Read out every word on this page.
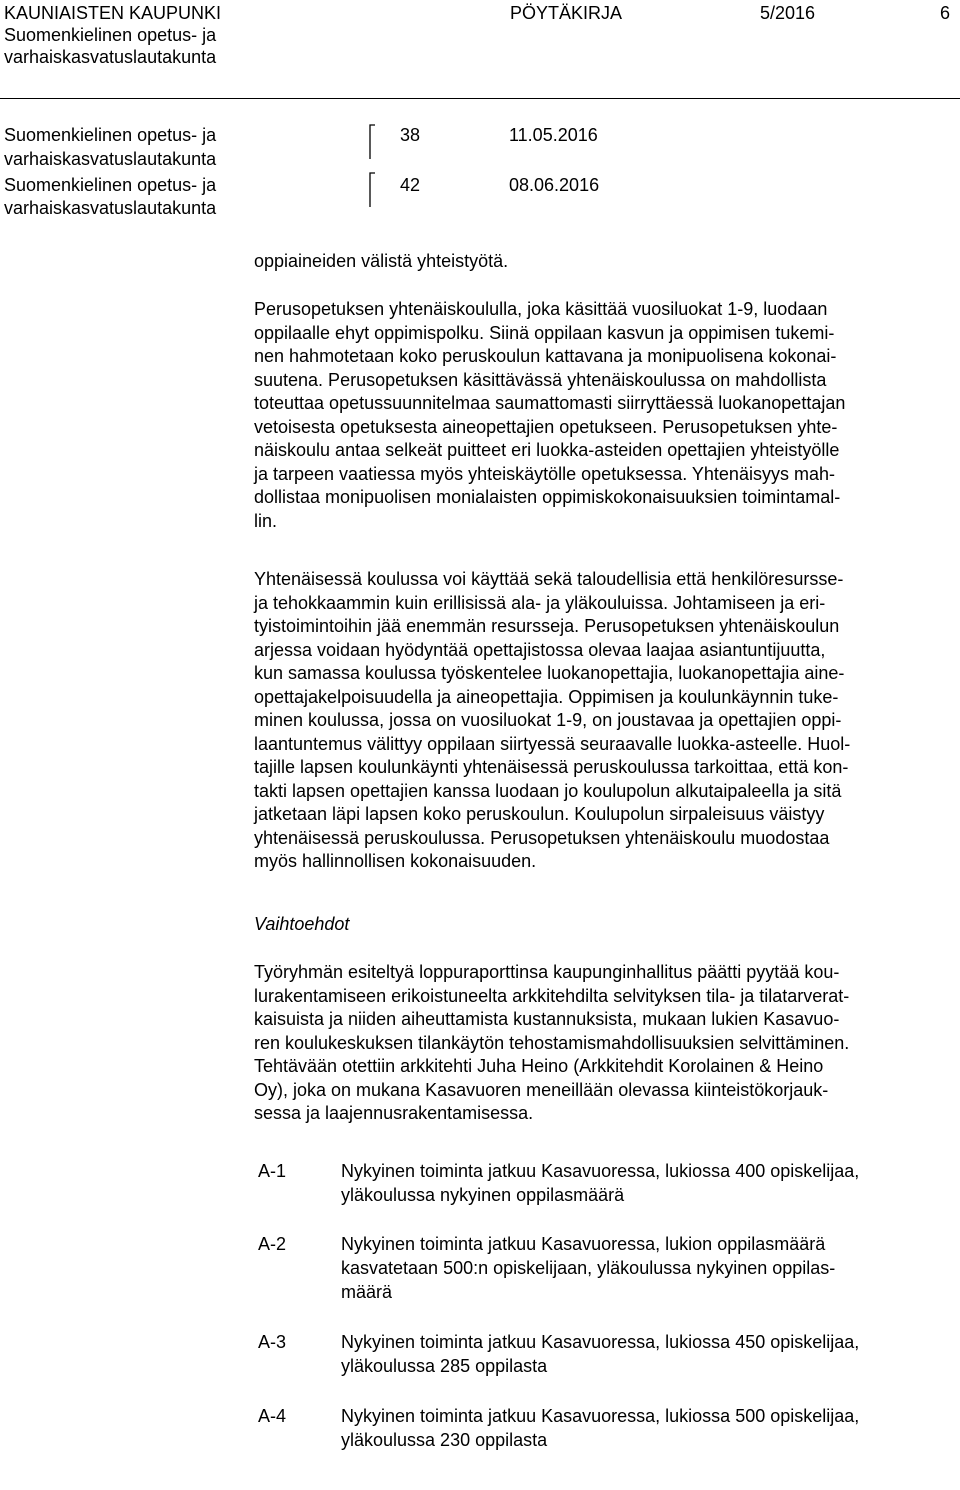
KAUNIAISTEN KAUPUNKI
Suomenkielinen opetus- ja
varhaiskasvatuslautakunta
PÖYTÄKIRJA	5/2016	6
Suomenkielinen opetus- ja
varhaiskasvatuslautakunta
38	11.05.2016
Suomenkielinen opetus- ja
varhaiskasvatuslautakunta
42	08.06.2016
oppiaineiden välistä yhteistyötä.
Perusopetuksen yhtenäiskoululla, joka käsittää vuosiluokat 1-9, luodaan
oppilaalle ehyt oppimispolku. Siinä oppilaan kasvun ja oppimisen tukemi-
nen hahmotetaan koko peruskoulun kattavana ja monipuolisena kokonai-
suutena. Perusopetuksen käsittävässä yhtenäiskoulussa on mahdollista
toteuttaa opetussuunnitelmaa saumattomasti siirryttäessä luokanopettajan
vetoisesta opetuksesta aineopettajien opetukseen. Perusopetuksen yhte-
näiskoulu antaa selkeät puitteet eri luokka-asteiden opettajien yhteistyölle
ja tarpeen vaatiessa myös yhteiskäytölle opetuksessa. Yhtenäisyys mah-
dollistaa monipuolisen monialaisten oppimiskokonaisuuksien toimintamal-
lin.
Yhtenäisessä koulussa voi käyttää sekä taloudellisia että henkilöresursse-
ja tehokkaammin kuin erillisissä ala- ja yläkouluissa. Johtamiseen ja eri-
tyistoimintoihin jää enemmän resursseja. Perusopetuksen yhtenäiskoulun
arjessa voidaan hyödyntää opettajistossa olevaa laajaa asiantuntijuutta,
kun samassa koulussa työskentelee luokanopettajia, luokanopettajia aine-
opettajakelpoisuudella ja aineopettajia. Oppimisen ja koulunkäynnin tuke-
minen koulussa, jossa on vuosiluokat 1-9, on joustavaa ja opettajien oppi-
laantuntemus välittyy oppilaan siirtyessä seuraavalle luokka-asteelle. Huol-
tajille lapsen koulunkäynti yhtenäisessä peruskoulussa tarkoittaa, että kon-
takti lapsen opettajien kanssa luodaan jo koulupolun alkutaipaleella ja sitä
jatketaan läpi lapsen koko peruskoulun. Koulupolun sirpaleisuus väistyy
yhtenäisessä peruskoulussa. Perusopetuksen yhtenäiskoulu muodostaa
myös hallinnollisen kokonaisuuden.
Vaihtoehdot
Työryhmän esiteltyä loppuraporttinsa kaupunginhallitus päätti pyytää kou-
lurakentamiseen erikoistuneelta arkkitehdilta selvityksen tila- ja tilatarverat-
kaisuista ja niiden aiheuttamista kustannuksista, mukaan lukien Kasavuo-
ren koulukeskuksen tilankäytön tehostamismahdollisuuksien selvittäminen.
Tehtävään otettiin arkkitehti Juha Heino (Arkkitehdit Korolainen & Heino
Oy), joka on mukana Kasavuoren meneillään olevassa kiinteistökorjauk-
sessa ja laajennusrakentamisessa.
A-1	Nykyinen toiminta jatkuu Kasavuoressa, lukiossa 400 opiskelijaa,
yläkoulussa nykyinen oppilasmäärä
A-2	Nykyinen toiminta jatkuu Kasavuoressa, lukion oppilasmäärä
kasvatetaan 500:n opiskelijaan, yläkoulussa nykyinen oppilas-
määrä
A-3	Nykyinen toiminta jatkuu Kasavuoressa, lukiossa 450 opiskelijaa,
yläkoulussa 285 oppilasta
A-4	Nykyinen toiminta jatkuu Kasavuoressa, lukiossa 500 opiskelijaa,
yläkoulussa 230 oppilasta
